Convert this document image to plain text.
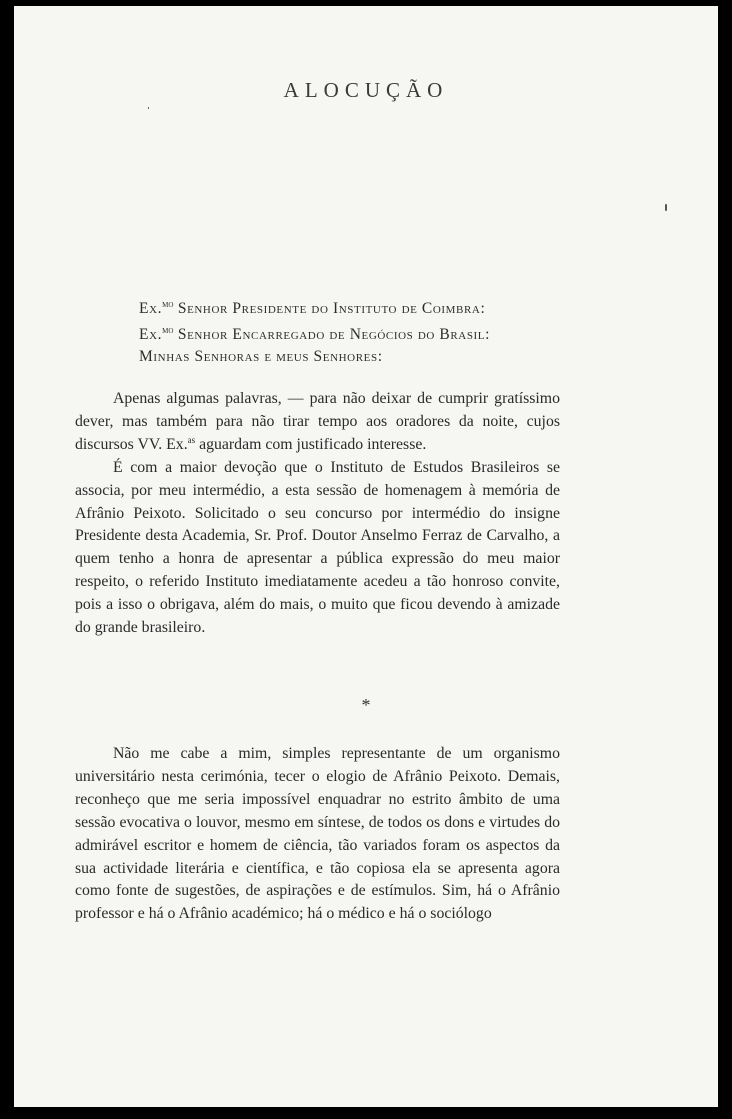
ALOCUÇÃO
Ex.$^{mo}$ Senhor Presidente do Instituto de Coimbra:
Ex.$^{mo}$ Senhor Encarregado de Negócios do Brasil:
Minhas Senhoras e meus Senhores:

Apenas algumas palavras, — para não deixar de cumprir gratíssimo dever, mas também para não tirar tempo aos oradores da noite, cujos discursos VV. Ex.$^{as}$ aguardam com justificado interesse.

É com a maior devoção que o Instituto de Estudos Brasileiros se associa, por meu intermédio, a esta sessão de homenagem à memória de Afrânio Peixoto. Solicitado o seu concurso por intermédio do insigne Presidente desta Academia, Sr. Prof. Doutor Anselmo Ferraz de Carvalho, a quem tenho a honra de apresentar a pública expressão do meu maior respeito, o referido Instituto imediatamente acedeu a tão honroso convite, pois a isso o obrigava, além do mais, o muito que ficou devendo à amizade do grande brasileiro.

*

Não me cabe a mim, simples representante de um organismo universitário nesta cerimónia, tecer o elogio de Afrânio Peixoto. Demais, reconheço que me seria impossível enquadrar no estrito âmbito de uma sessão evocativa o louvor, mesmo em síntese, de todos os dons e virtudes do admirável escritor e homem de ciência, tão variados foram os aspectos da sua actividade literária e científica, e tão copiosa ela se apresenta agora como fonte de sugestões, de aspirações e de estímulos. Sim, há o Afrânio professor e há o Afrânio académico; há o médico e há o sociólogo
